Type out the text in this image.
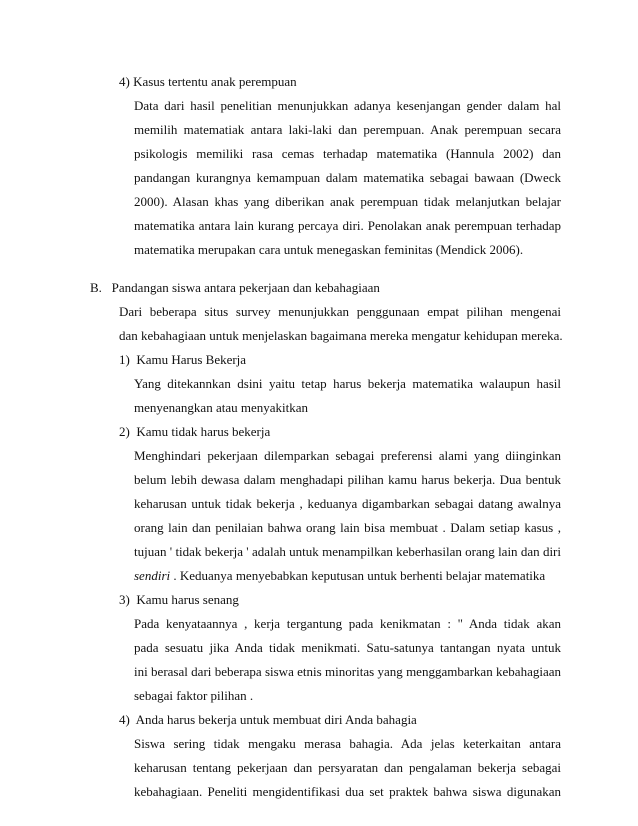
4) Kasus tertentu anak perempuan
Data dari hasil penelitian menunjukkan adanya kesenjangan gender dalam hal
memilih matematiak antara laki-laki dan perempuan. Anak perempuan secara
psikologis memiliki rasa cemas terhadap matematika (Hannula 2002) dan
pandangan kurangnya kemampuan dalam matematika sebagai bawaan (Dweck
2000). Alasan khas yang diberikan anak perempuan tidak melanjutkan belajar
matematika antara lain kurang percaya diri. Penolakan anak perempuan terhadap
matematika merupakan cara untuk menegaskan feminitas (Mendick 2006).
B.   Pandangan siswa antara pekerjaan dan kebahagiaan
Dari beberapa situs survey menunjukkan penggunaan empat pilihan mengenai
dan kebahagiaan untuk menjelaskan bagaimana mereka mengatur kehidupan mereka.
1)  Kamu Harus Bekerja
Yang ditekannkan dsini yaitu tetap harus bekerja matematika walaupun hasil
menyenangkan atau menyakitkan
2)  Kamu tidak harus bekerja
Menghindari pekerjaan dilemparkan sebagai preferensi alami yang diinginkan
belum lebih dewasa dalam menghadapi pilihan kamu harus bekerja. Dua bentuk
keharusan untuk tidak bekerja , keduanya digambarkan sebagai datang awalnya
orang lain dan penilaian bahwa orang lain bisa membuat . Dalam setiap kasus ,
tujuan ' tidak bekerja ' adalah untuk menampilkan keberhasilan orang lain dan diri
sendiri . Keduanya menyebabkan keputusan untuk berhenti belajar matematika
3)  Kamu harus senang
Pada kenyataannya , kerja tergantung pada kenikmatan : " Anda tidak akan
pada sesuatu jika Anda tidak menikmati. Satu-satunya tantangan nyata untuk
ini berasal dari beberapa siswa etnis minoritas yang menggambarkan kebahagiaan
sebagai faktor pilihan .
4)  Anda harus bekerja untuk membuat diri Anda bahagia
Siswa sering tidak mengaku merasa bahagia. Ada jelas keterkaitan antara
keharusan tentang pekerjaan dan persyaratan dan pengalaman bekerja sebagai
kebahagiaan. Peneliti mengidentifikasi dua set praktek bahwa siswa digunakan
